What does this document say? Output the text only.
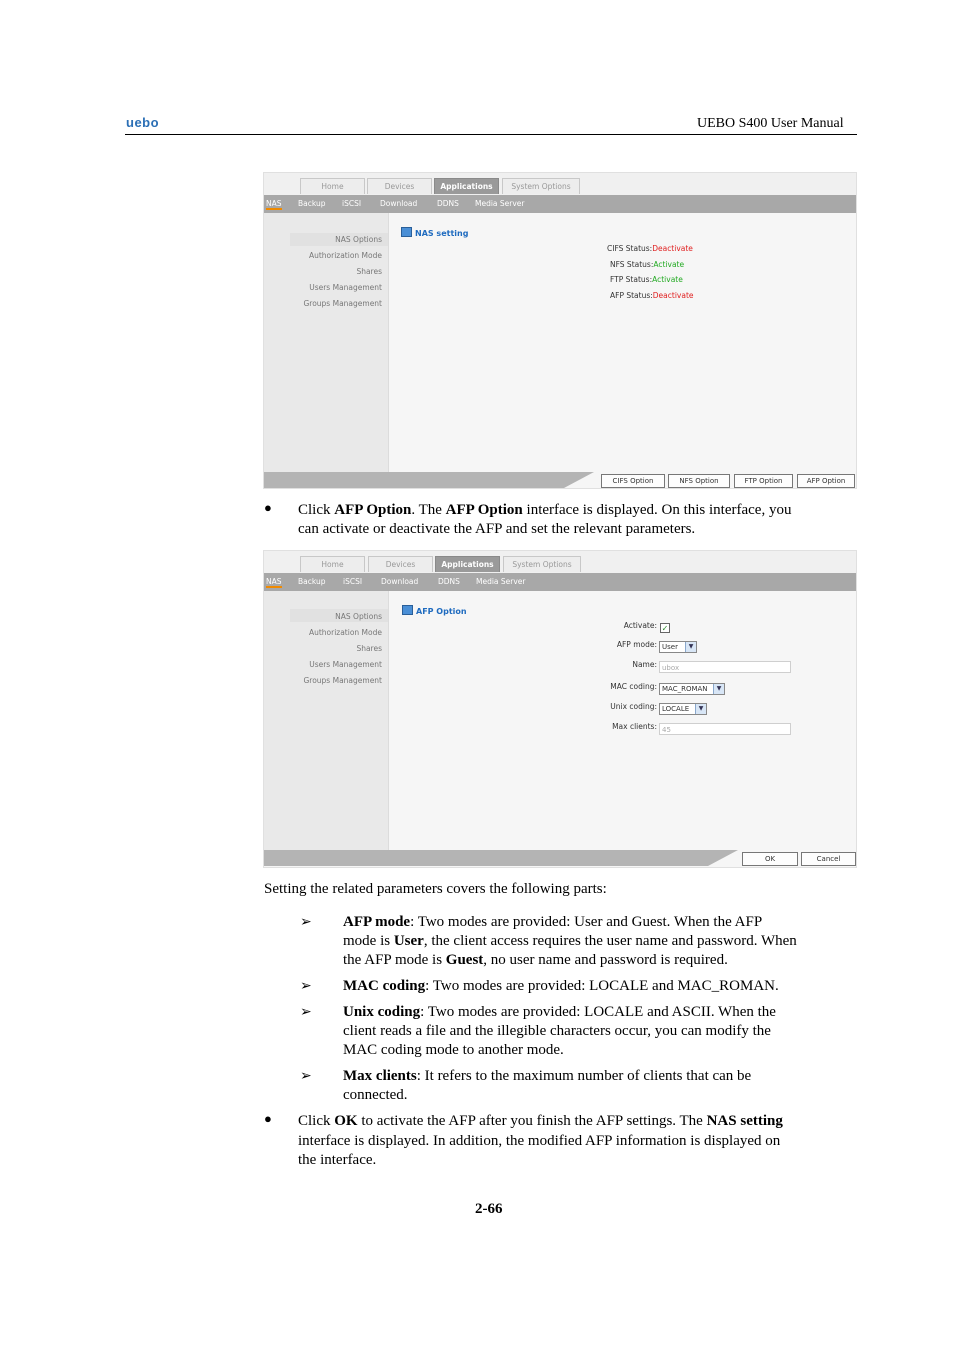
uebo	UEBO S400 User Manual
Home	Devices	Applications	System Options
NAS Backup iSCSI	Download	DDNS Media Server
NAS Options
Authorization Mode
Shares
Users Management
Groups Management
NAS setting
CIFS Status:Deactivate
NFS Status:Activate
FTP Status:Activate
AFP Status:Deactivate
CIFS Option	NFS Option	FTP Option	AFP Option
● Click AFP Option. The AFP Option interface is displayed. On this interface, you
can activate or deactivate the AFP and set the relevant parameters.
Home	Devices	Applications	System Options
NAS Backup iSCSI	Download	DDNS Media Server
NAS Options
Authorization Mode
Shares
Users Management
Groups Management
AFP Option
Activate: ✓
AFP mode: User	▼
Name: ubox
MAC coding: MAC_ROMAN	▼
Unix coding: LOCALE	▼
Max clients: 45
OK	Cancel
Setting the related parameters covers the following parts:
➢ AFP mode: Two modes are provided: User and Guest. When the AFP
mode is User, the client access requires the user name and password. When
the AFP mode is Guest, no user name and password is required.
➢ MAC coding: Two modes are provided: LOCALE and MAC_ROMAN.
➢ Unix coding: Two modes are provided: LOCALE and ASCII. When the
client reads a file and the illegible characters occur, you can modify the
MAC coding mode to another mode.
➢ Max clients: It refers to the maximum number of clients that can be
connected.
● Click OK to activate the AFP after you finish the AFP settings. The NAS setting
interface is displayed. In addition, the modified AFP information is displayed on
the interface.
2-66
